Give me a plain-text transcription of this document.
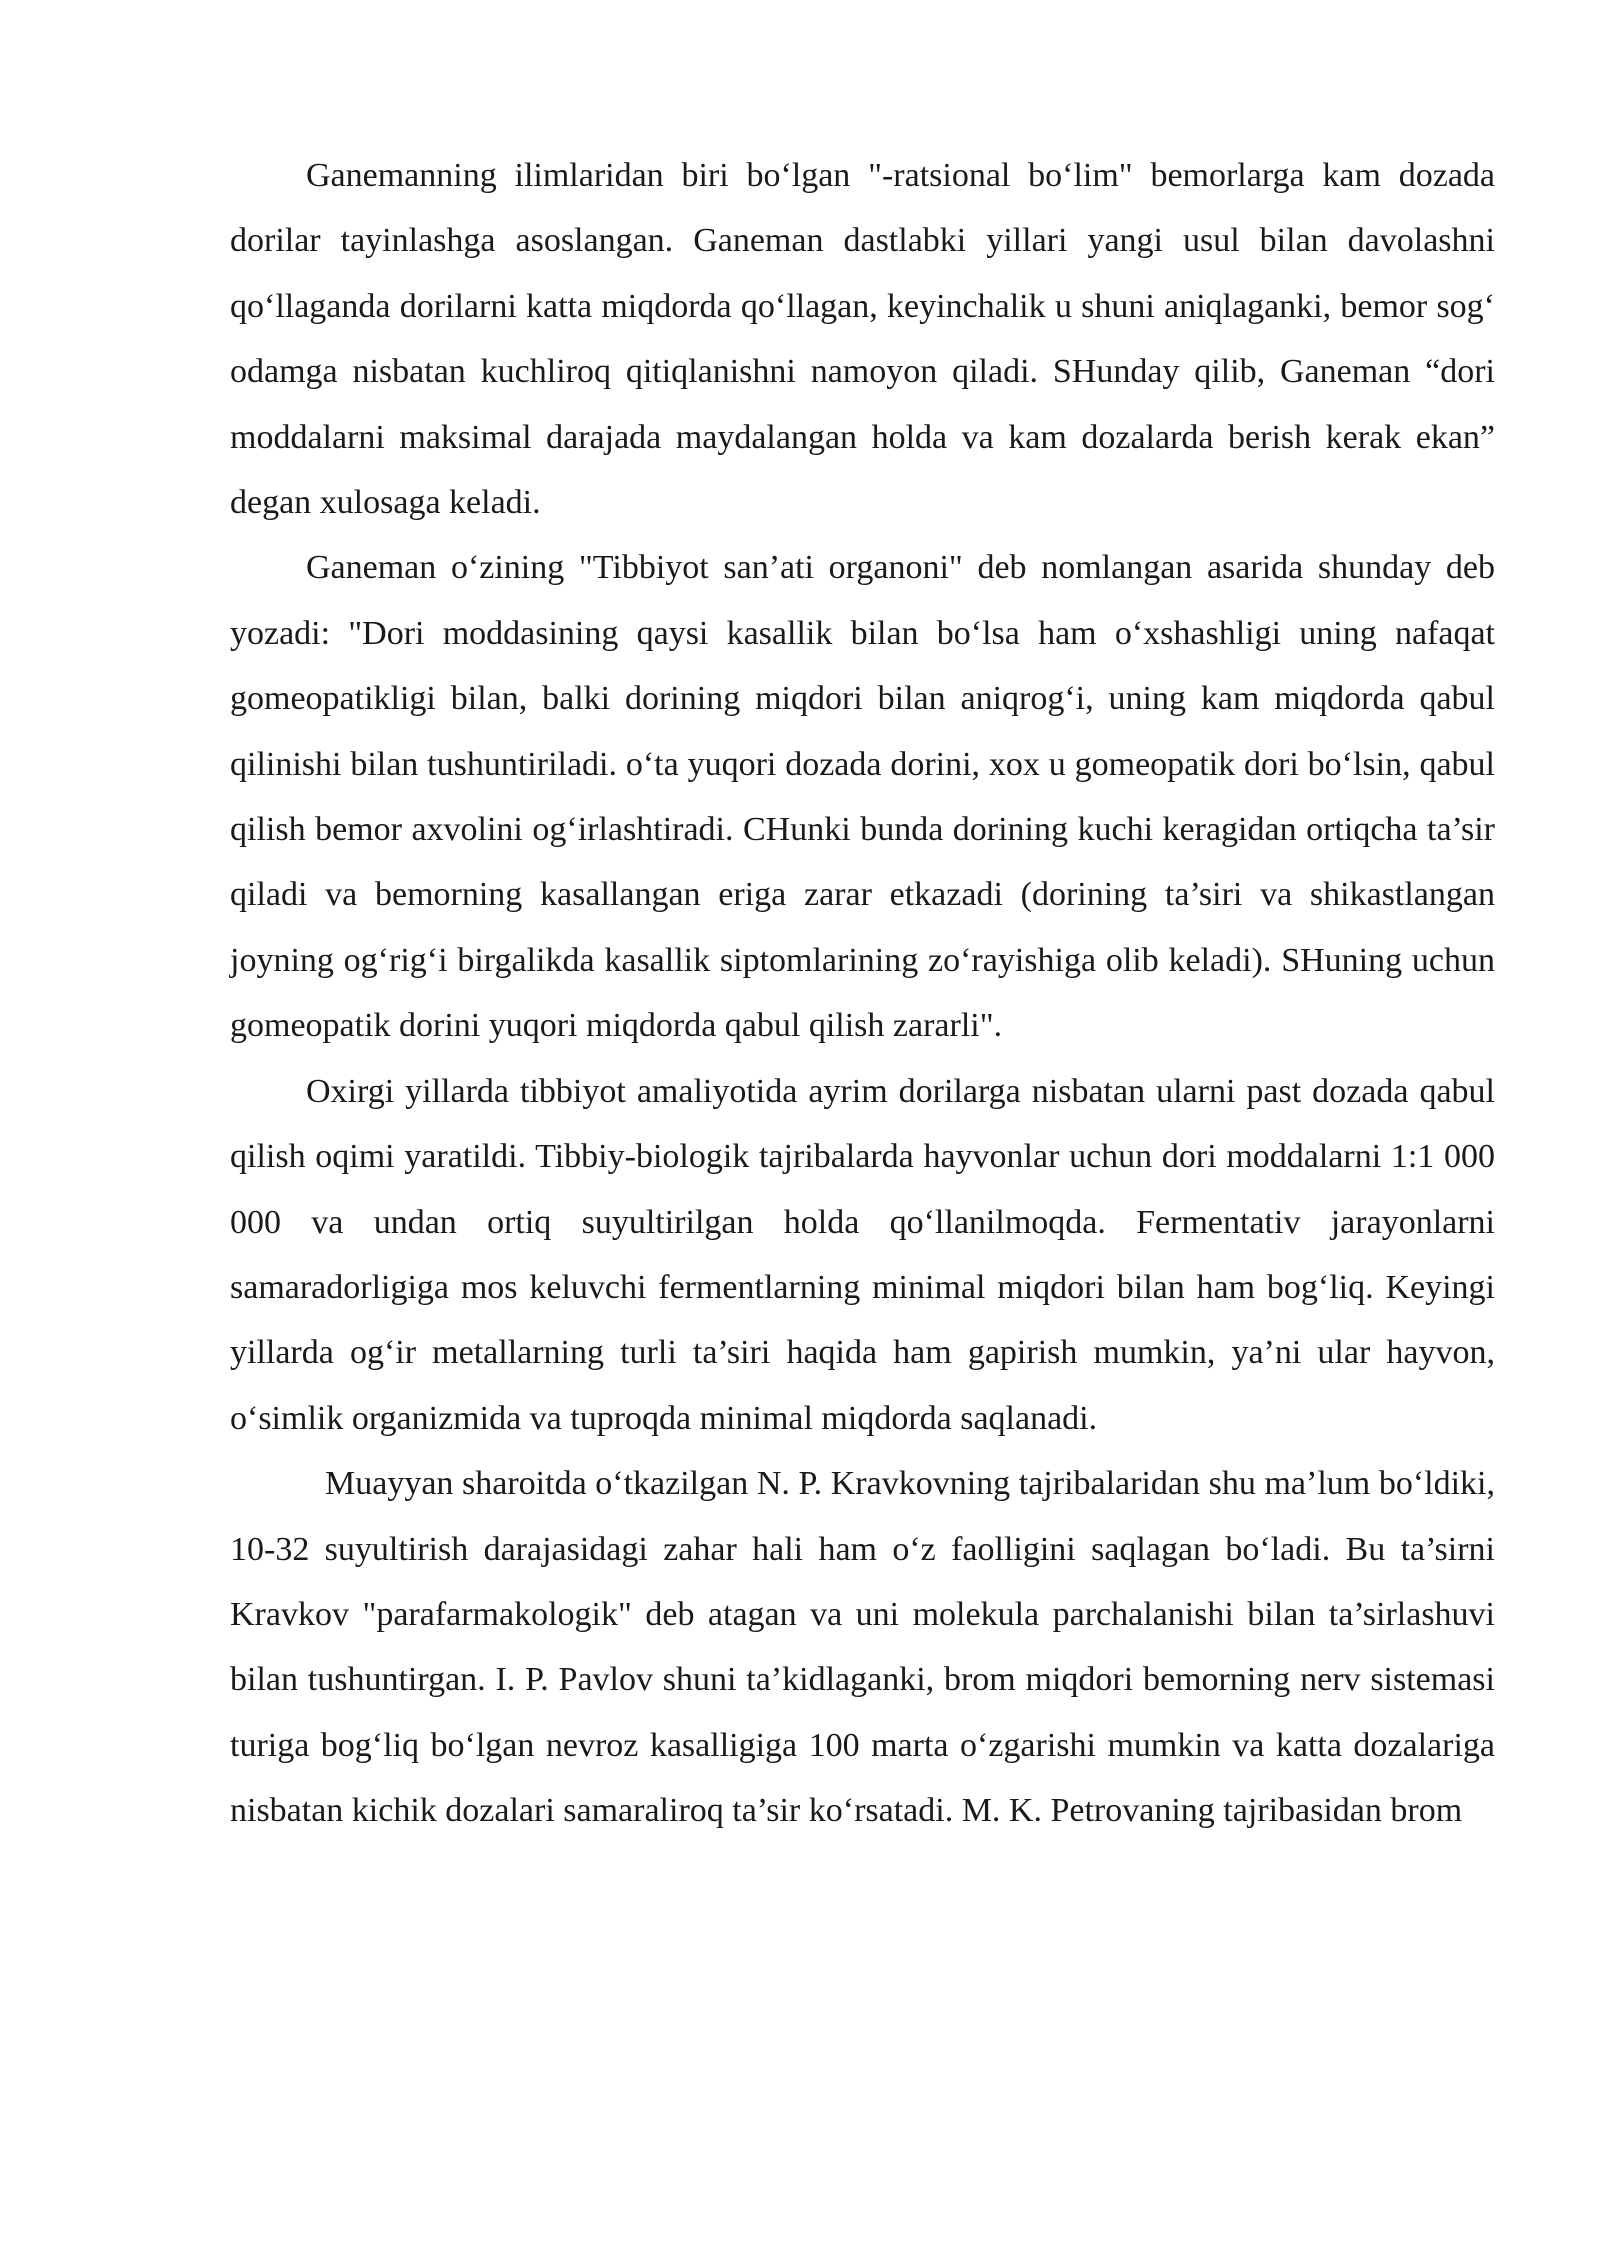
Ganemanning ilimlaridan biri bo‘lgan "-ratsional bo‘lim" bemorlarga kam dozada dorilar tayinlashga asoslangan. Ganeman dastlabki yillari yangi usul bilan davolashni qo‘llaganda dorilarni katta miqdorda qo‘llagan, keyinchalik u shuni aniqlaganki, bemor sog‘ odamga nisbatan kuchliroq qitiqlanishni namoyon qiladi. SHunday qilib, Ganeman “dori moddalarni maksimal darajada maydalangan holda va kam dozalarda berish kerak ekan” degan xulosaga keladi.

Ganeman o‘zining "Tibbiyot san’ati organoni" deb nomlangan asarida shunday deb yozadi: "Dori moddasining qaysi kasallik bilan bo‘lsa ham o‘xshashligi uning nafaqat gomeopatikligi bilan, balki dorining miqdori bilan aniqrog‘i, uning kam miqdorda qabul qilinishi bilan tushuntiriladi. o‘ta yuqori dozada dorini, xox u gomeopatik dori bo‘lsin, qabul qilish bemor axvolini og‘irlashtiradi. CHunki bunda dorining kuchi keragidan ortiqcha ta’sir qiladi va bemorning kasallangan eriga zarar etkazadi (dorining ta’siri va shikastlangan joyning og‘rig‘i birgalikda kasallik siptomlarining zo‘rayishiga olib keladi). SHuning uchun gomeopatik dorini yuqori miqdorda qabul qilish zararli".

Oxirgi yillarda tibbiyot amaliyotida ayrim dorilarga nisbatan ularni past dozada qabul qilish oqimi yaratildi. Tibbiy-biologik tajribalarda hayvonlar uchun dori moddalarni 1:1 000 000 va undan ortiq suyultirilgan holda qo‘llanilmoqda. Fermentativ jarayonlarni samaradorligiga mos keluvchi fermentlarning minimal miqdori bilan ham bog‘liq. Keyingi yillarda og‘ir metallarning turli ta’siri haqida ham gapirish mumkin, ya’ni ular hayvon, o‘simlik organizmida va tuproqda minimal miqdorda saqlanadi.

Muayyan sharoitda o‘tkazilgan N. P. Kravkovning tajribalaridan shu ma’lum bo‘ldiki, 10-32 suyultirish darajasidagi zahar hali ham o‘z faolligini saqlagan bo‘ladi. Bu ta’sirni Kravkov "parafarmakologik" deb atagan va uni molekula parchalanishi bilan ta’sirlashuvi bilan tushuntirgan. I. P. Pavlov shuni ta’kidlaganki, brom miqdori bemorning nerv sistemasi turiga bog‘liq bo‘lgan nevroz kasalligiga 100 marta o‘zgarishi mumkin va katta dozalariga nisbatan kichik dozalari samaraliroq ta’sir ko‘rsatadi. M. K. Petrovaning tajribasidan brom
